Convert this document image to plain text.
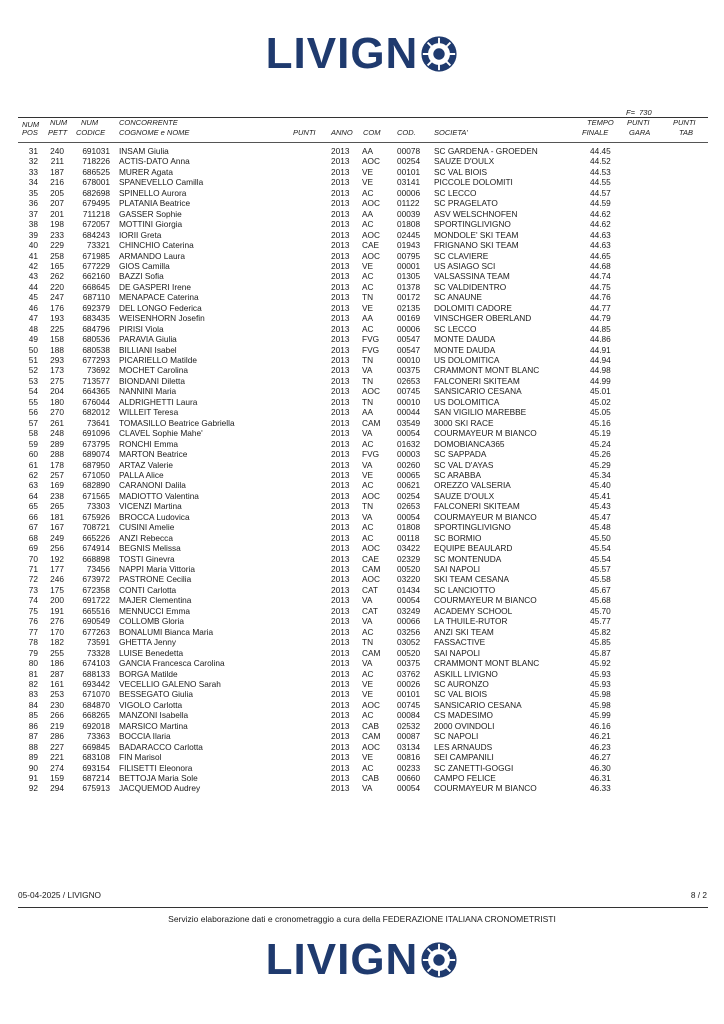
LIVIGN
F= 730
NUM NUM NUM	CONCORRENTE	TEMPO PUNTI	PUNTI
POS PETT CODICE COGNOME e NOME	PUNTI ANNO COM COD. SOCIETA'	FINALE	GARA	TAB
31	240	691031 INSAM Giulia	2013 AA	00078 SC GARDENA - GROEDEN	44.45
32	211	718226 ACTIS-DATO Anna	2013 AOC 00254 SAUZE D'OULX	44.52
33	187	686525 MURER Agata	2013 VE	00101 SC VAL BIOIS	44.53
34	216	678001 SPANEVELLO Camilla	2013 VE	03141 PICCOLE DOLOMITI	44.55
35	205	682698 SPINELLO Aurora	2013 AC	00006 SC LECCO	44.57
36	207	679495 PLATANIA Beatrice	2013 AOC 01122 SC PRAGELATO	44.59
37	201	711218 GASSER Sophie	2013 AA	00039 ASV WELSCHNOFEN	44.62
38	198	672057 MOTTINI Giorgia	2013 AC	01808 SPORTINGLIVIGNO	44.62
39	233	684243 IORII Greta	2013 AOC 02445 MONDOLE' SKI TEAM	44.63
40	229	73321 CHINCHIO Caterina	2013 CAE 01943 FRIGNANO SKI TEAM	44.63
41	258	671985 ARMANDO Laura	2013 AOC 00795 SC CLAVIERE	44.65
42	165	677229 GIOS Camilla	2013 VE	00001 US ASIAGO SCI	44.68
43	262	662160 BAZZI Sofia	2013 AC	01305 VALSASSINA TEAM	44.74
44	220	668645 DE GASPERI Irene	2013 AC	01378 SC VALDIDENTRO	44.75
45	247	687110 MENAPACE Caterina	2013 TN	00172 SC ANAUNE	44.76
46	176	692379 DEL LONGO Federica	2013 VE	02135 DOLOMITI CADORE	44.77
47	193	683435 WEISENHORN Josefin	2013 AA	00169 VINSCHGER OBERLAND	44.79
48	225	684796 PIRISI Viola	2013 AC	00006 SC LECCO	44.85
49	158	680536 PARAVIA Giulia	2013 FVG 00547 MONTE DAUDA	44.86
50	188	680538 BILLIANI Isabel	2013 FVG 00547 MONTE DAUDA	44.91
51	293	677293 PICARIELLO Matilde	2013 TN	00010 US DOLOMITICA	44.94
52	173	73692 MOCHET Carolina	2013 VA	00375 CRAMMONT MONT BLANC	44.98
53	275	713577 BIONDANI Diletta	2013 TN	02653 FALCONERI SKITEAM	44.99
54	204	664365 NANNINI Maria	2013 AOC 00745 SANSICARIO CESANA	45.01
55	180	676044 ALDRIGHETTI Laura	2013 TN	00010 US DOLOMITICA	45.02
56	270	682012 WILLEIT Teresa	2013 AA	00044 SAN VIGILIO MAREBBE	45.05
57	261	73641 TOMASILLO Beatrice Gabriella	2013 CAM 03549 3000 SKI RACE	45.16
58	248	691096 CLAVEL Sophie Mahe'	2013 VA	00054 COURMAYEUR M BIANCO	45.19
59	289	673795 RONCHI Emma	2013 AC	01632 DOMOBIANCA365	45.24
60	288	689074 MARTON Beatrice	2013 FVG 00003 SC SAPPADA	45.26
61	178	687950 ARTAZ Valerie	2013 VA	00260 SC VAL D'AYAS	45.29
62	257	671050 PALLA Alice	2013 VE	00065 SC ARABBA	45.34
63	169	682890 CARANONI Dalila	2013 AC	00621 OREZZO VALSERIA	45.40
64	238	671565 MADIOTTO Valentina	2013 AOC 00254 SAUZE D'OULX	45.41
65	265	73303 VICENZI Martina	2013 TN	02653 FALCONERI SKITEAM	45.43
66	181	675926 BROCCA Ludovica	2013 VA	00054 COURMAYEUR M BIANCO	45.47
67	167	708721 CUSINI Amelie	2013 AC	01808 SPORTINGLIVIGNO	45.48
68	249	665226 ANZI Rebecca	2013 AC	00118 SC BORMIO	45.50
69	256	674914 BEGNIS Melissa	2013 AOC 03422 EQUIPE BEAULARD	45.54
70	192	668898 TOSTI Ginevra	2013 CAE 02329 SC MONTENUDA	45.54
71	177	73456 NAPPI Maria Vittoria	2013 CAM 00520 SAI NAPOLI	45.57
72	246	673972 PASTRONE Cecilia	2013 AOC 03220 SKI TEAM CESANA	45.58
73	175	672358 CONTI Carlotta	2013 CAT 01434 SC LANCIOTTO	45.67
74	200	691722 MAJER Clementina	2013 VA	00054 COURMAYEUR M BIANCO	45.68
75	191	665516 MENNUCCI Emma	2013 CAT 03249 ACADEMY SCHOOL	45.70
76	276	690549 COLLOMB Gloria	2013 VA	00066 LA THUILE-RUTOR	45.77
77	170	677263 BONALUMI Bianca Maria	2013 AC	03256 ANZI SKI TEAM	45.82
78	182	73591 GHETTA Jenny	2013 TN	03052 FASSACTIVE	45.85
79	255	73328 LUISE Benedetta	2013 CAM 00520 SAI NAPOLI	45.87
80	186	674103 GANCIA Francesca Carolina	2013 VA	00375 CRAMMONT MONT BLANC	45.92
81	287	688133 BORGA Matilde	2013 AC	03762 ASKILL LIVIGNO	45.93
82	161	693442 VECELLIO GALENO Sarah	2013 VE	00026 SC AURONZO	45.93
83	253	671070 BESSEGATO Giulia	2013 VE	00101 SC VAL BIOIS	45.98
84	230	684870 VIGOLO Carlotta	2013 AOC 00745 SANSICARIO CESANA	45.98
85	266	668265 MANZONI Isabella	2013 AC	00084 CS MADESIMO	45.99
86	219	692018 MARSICO Martina	2013 CAB 02532 2000 OVINDOLI	46.16
87	286	73363 BOCCIA Ilaria	2013 CAM 00087 SC NAPOLI	46.21
88	227	669845 BADARACCO Carlotta	2013 AOC 03134 LES ARNAUDS	46.23
89	221	683108 FIN Marisol	2013 VE	00816 SEI CAMPANILI	46.27
90	274	693154 FILISETTI Eleonora	2013 AC	00233 SC ZANETTI-GOGGI	46.30
91	159	687214 BETTOJA Maria Sole	2013 CAB 00660 CAMPO FELICE	46.31
92	294	675913 JACQUEMOD Audrey	2013 VA	00054 COURMAYEUR M BIANCO	46.33
05-04-2025 / LIVIGNO	8 / 2
Servizio elaborazione dati e cronometraggio a cura della FEDERAZIONE ITALIANA CRONOMETRISTI
LIVIGN
